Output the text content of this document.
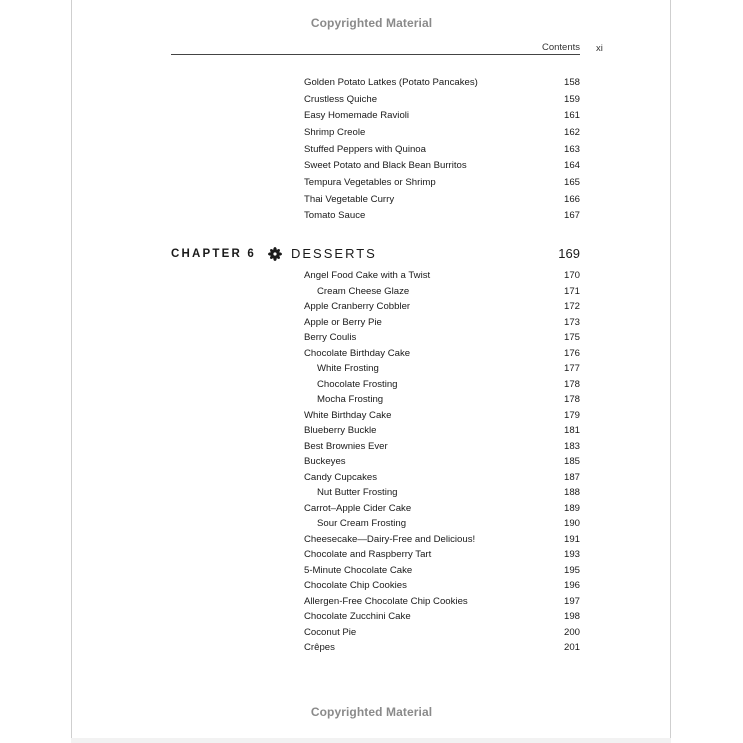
Copyrighted Material
Contents xi
Golden Potato Latkes (Potato Pancakes)	158
Crustless Quiche	159
Easy Homemade Ravioli	161
Shrimp Creole	162
Stuffed Peppers with Quinoa	163
Sweet Potato and Black Bean Burritos	164
Tempura Vegetables or Shrimp	165
Thai Vegetable Curry	166
Tomato Sauce	167
CHAPTER 6	DESSERTS	169
Angel Food Cake with a Twist	170
Cream Cheese Glaze	171
Apple Cranberry Cobbler	172
Apple or Berry Pie	173
Berry Coulis	175
Chocolate Birthday Cake	176
White Frosting	177
Chocolate Frosting	178
Mocha Frosting	178
White Birthday Cake	179
Blueberry Buckle	181
Best Brownies Ever	183
Buckeyes	185
Candy Cupcakes	187
Nut Butter Frosting	188
Carrot–Apple Cider Cake	189
Sour Cream Frosting	190
Cheesecake—Dairy-Free and Delicious!	191
Chocolate and Raspberry Tart	193
5-Minute Chocolate Cake	195
Chocolate Chip Cookies	196
Allergen-Free Chocolate Chip Cookies	197
Chocolate Zucchini Cake	198
Coconut Pie	200
Crêpes	201
Copyrighted Material
